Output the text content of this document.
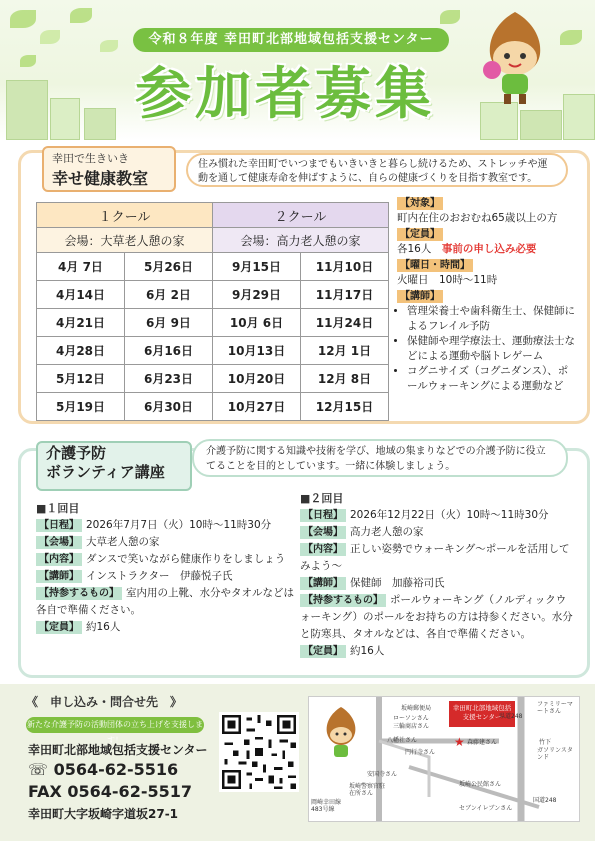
令和８年度 幸田町北部地域包括支援センター
参加者募集
幸田で生きいき
幸せ健康教室
住み慣れた幸田町でいつまでもいきいきと暮らし続けるため、ストレッチや運動を通して健康寿命を伸ばすように、自らの健康づくりを目指す教室です。
１クール		２クール	
会場：大草老人憩の家		会場：高力老人憩の家	
4月 7日	5月26日	9月15日	11月10日
4月14日	6月 2日	9月29日	11月17日
4月21日	6月 9日	10月 6日	11月24日
4月28日	6月16日	10月13日	12月 1日
5月12日	6月23日	10月20日	12月 8日
5月19日	6月30日	10月27日	12月15日
【対象】
町内在住のおおむね65歳以上の方
【定員】
各16人　 事前の申し込み必要
【曜日・時間】
火曜日　10時〜11時
【講師】
• 管理栄養士や歯科衛生士、保健師によるフレイル予防
• 保健師や理学療法士、運動療法士などによる運動や脳トレゲーム
• コグニサイズ（コグニダンス）、ポールウォーキングによる運動など
介護予防
ボランティア講座
介護予防に関する知識や技術を学び、地域の集まりなどでの介護予防に役立てることを目的としています。一緒に体験しましょう。
■１回目
【日程】 2026年7月7日（火）10時〜11時30分
【会場】 大草老人憩の家
【内容】 ダンスで笑いながら健康作りをしましょう
【講師】 インストラクター　伊藤悦子氏
【持参するもの】 室内用の上靴、水分やタオルなどは各自で準備ください。
【定員】 約16人
■２回目
【日程】 2026年12月22日（火）10時〜11時30分
【会場】 高力老人憩の家
【内容】 正しい姿勢でウォーキング〜ポールを活用してみよう〜
【講師】 保健師　加藤裕司氏
【持参するもの】 ポールウォーキング（ノルディックウォーキング）のポールをお持ちの方は持参ください。水分と防寒具、タオルなどは、各自で準備ください。
【定員】 約16人
《　申し込み・問合せ先　》
新たな介護予防の活動団体の立ち上げを支援します！
幸田町北部地域包括支援センター
☏ 0564-62-5516
FAX 0564-62-5517
幸田町大字坂崎字道坂27-1
幸田町北部地域包括支援センター
★
坂崎郵便局
ローソンさん
三輪商店さん
八幡社さん
円行寺さん
安国寺さん
坂崎警察官駐在所さん
岡崎幸田線483号線
森藤建さん
坂崎公民館さん
セブンイレブンさん
県道248
ファミリーマートさん
竹下
ガソリンスタンド
国道248
